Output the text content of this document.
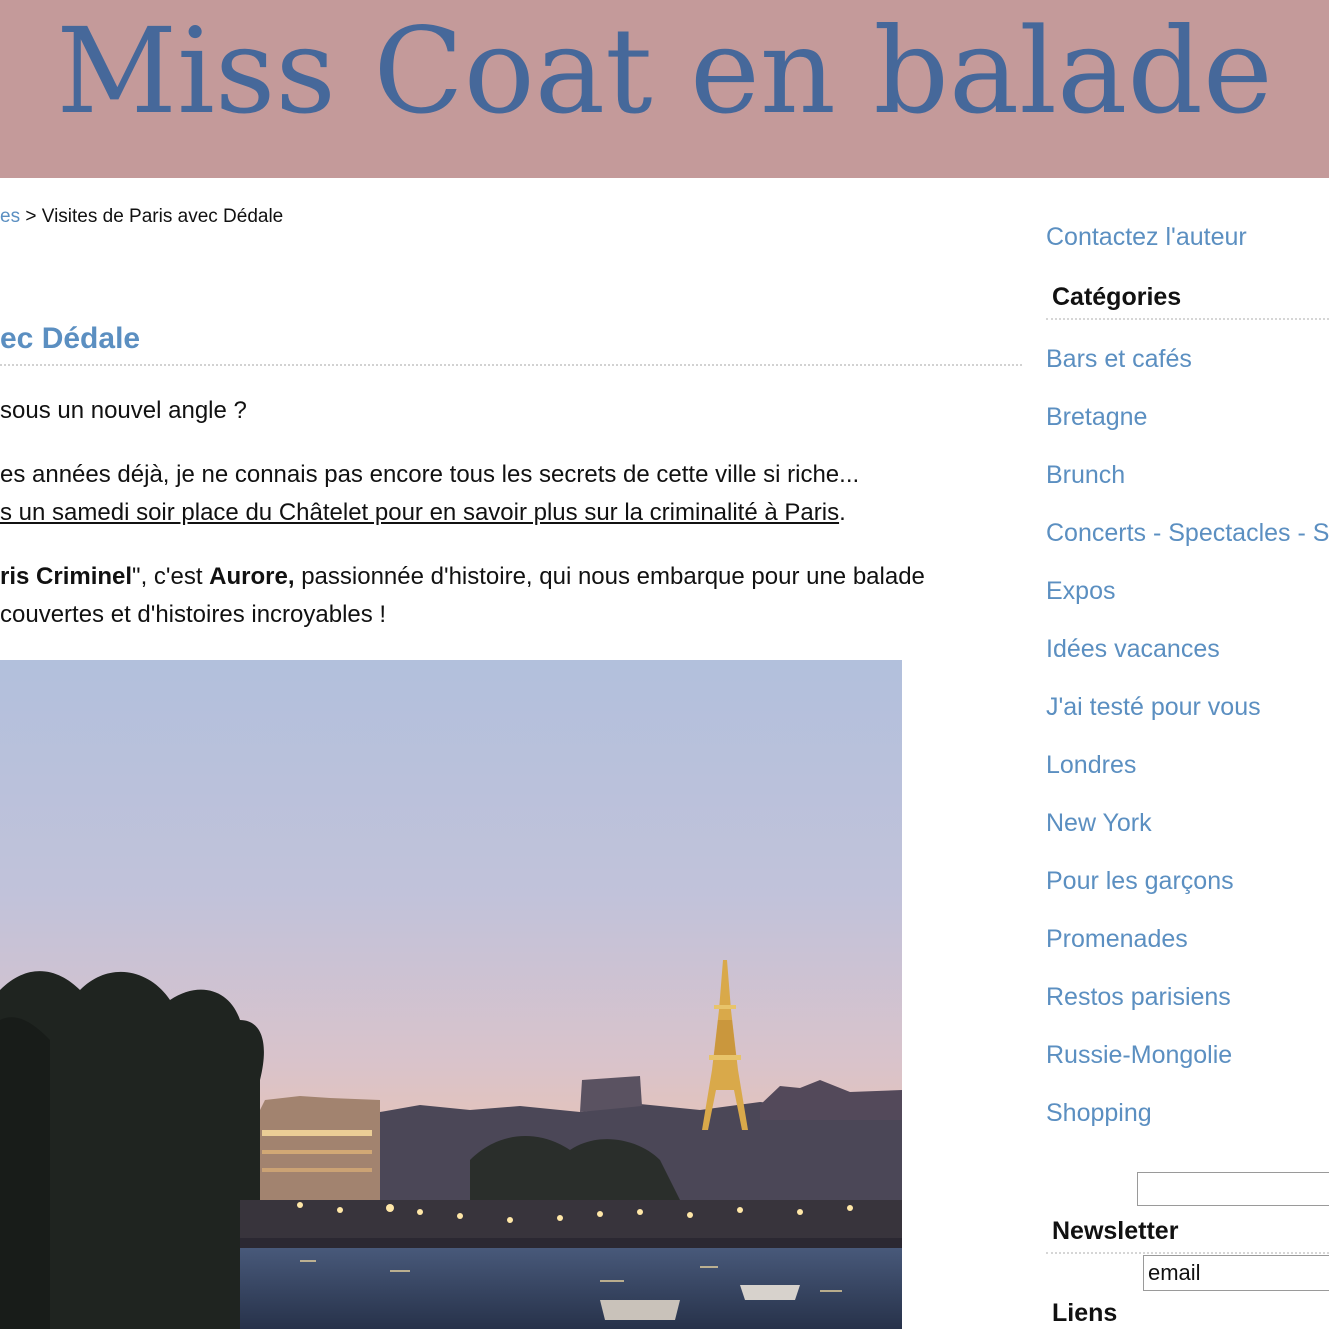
Miss Coat en balade
es > Visites de Paris avec Dédale
ec Dédale
sous un nouvel angle ?
es années déjà, je ne connais pas encore tous les secrets de cette ville si riche...
s un samedi soir place du Châtelet pour en savoir plus sur la criminalité à Paris.
ris Criminel", c'est Aurore, passionnée d'histoire, qui nous embarque pour une balade
couvertes et d'histoires incroyables !
Contactez l'auteur
Catégories
Bars et cafés
Bretagne
Brunch
Concerts - Spectacles - S
Expos
Idées vacances
J'ai testé pour vous
Londres
New York
Pour les garçons
Promenades
Restos parisiens
Russie-Mongolie
Shopping
Newsletter
email
Liens
